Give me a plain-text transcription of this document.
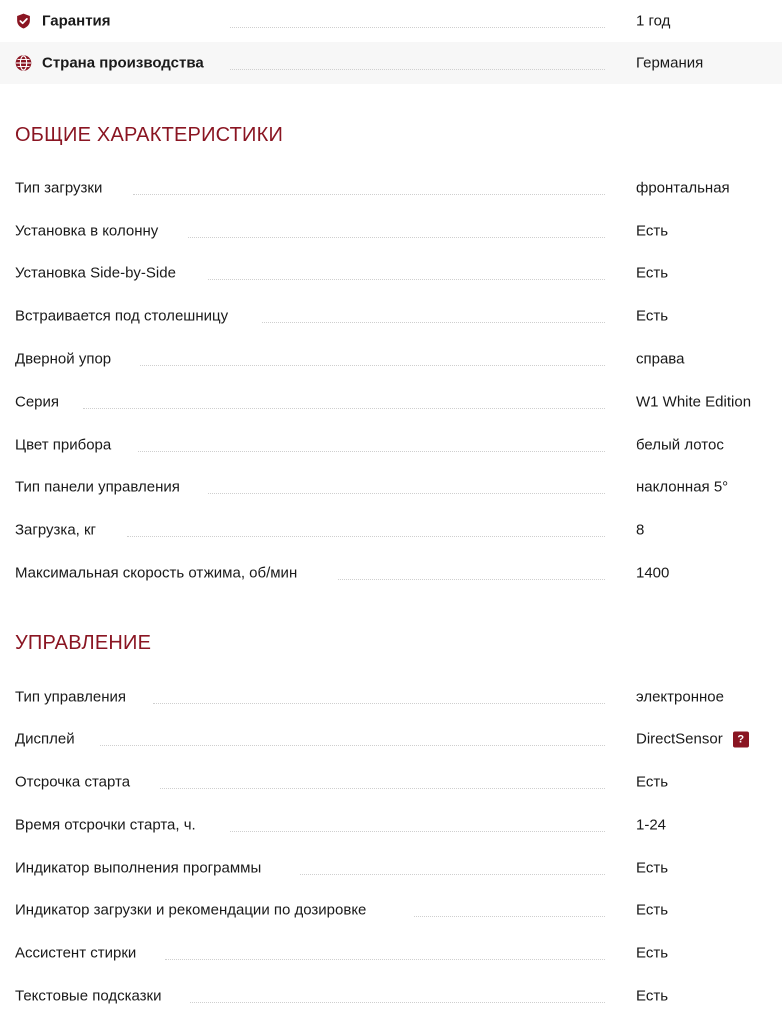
Гарантия	1 год
Страна производства	Германия
ОБЩИЕ ХАРАКТЕРИСТИКИ
Тип загрузки	фронтальная
Установка в колонну	Есть
Установка Side-by-Side	Есть
Встраивается под столешницу	Есть
Дверной упор	справа
Серия	W1 White Edition
Цвет прибора	белый лотос
Тип панели управления	наклонная 5°
Загрузка, кг	8
Максимальная скорость отжима, об/мин	1400
УПРАВЛЕНИЕ
Тип управления	электронное
Дисплей	DirectSensor	?
Отсрочка старта	Есть
Время отсрочки старта, ч.	1-24
Индикатор выполнения программы	Есть
Индикатор загрузки и рекомендации по дозировке	Есть
Ассистент стирки	Есть
Текстовые подсказки	Есть
